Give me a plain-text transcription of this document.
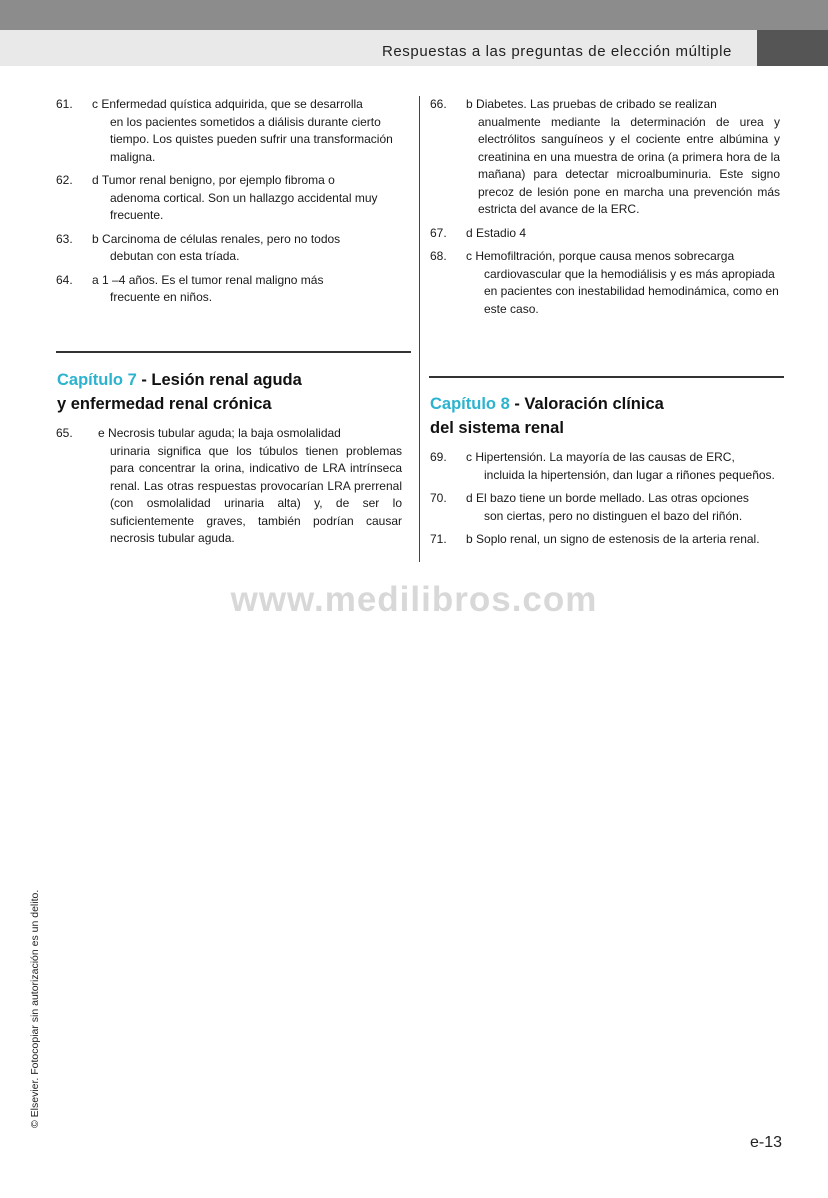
Respuestas a las preguntas de elección múltiple
61.	c Enfermedad quística adquirida, que se desarrolla
en los pacientes sometidos a diálisis durante cierto tiempo. Los quistes pueden sufrir una transformación maligna.
62.	d Tumor renal benigno, por ejemplo fibroma o
adenoma cortical. Son un hallazgo accidental muy frecuente.
63.	b Carcinoma de células renales, pero no todos
debutan con esta tríada.
64.	a 1 –4 años. Es el tumor renal maligno más
frecuente en niños.
Capítulo 7 - Lesión renal aguda
y enfermedad renal crónica
65.	e Necrosis tubular aguda; la baja osmolalidad
urinaria significa que los túbulos tienen problemas para concentrar la orina, indicativo de LRA intrínseca renal. Las otras respuestas provocarían LRA prerrenal (con osmolalidad urinaria alta) y, de ser lo suficientemente graves, también podrían causar necrosis tubular aguda.
66.	b Diabetes. Las pruebas de cribado se realizan
anualmente mediante la determinación de urea y electrólitos sanguíneos y el cociente entre albúmina y creatinina en una muestra de orina (a primera hora de la mañana) para detectar microalbuminuria. Este signo precoz de lesión pone en marcha una prevención más estricta del avance de la ERC.
67.	d Estadio 4
68.	c Hemofiltración, porque causa menos sobrecarga
cardiovascular que la hemodiálisis y es más apropiada en pacientes con inestabilidad hemodinámica, como en este caso.
Capítulo 8 - Valoración clínica
del sistema renal
69.	c Hipertensión. La mayoría de las causas de ERC,
incluida la hipertensión, dan lugar a riñones pequeños.
70.	d El bazo tiene un borde mellado. Las otras opciones
son ciertas, pero no distinguen el bazo del riñón.
71.	b Soplo renal, un signo de estenosis de la arteria renal.
www.medilibros.com
© Elsevier. Fotocopiar sin autorización es un delito.
e-13
